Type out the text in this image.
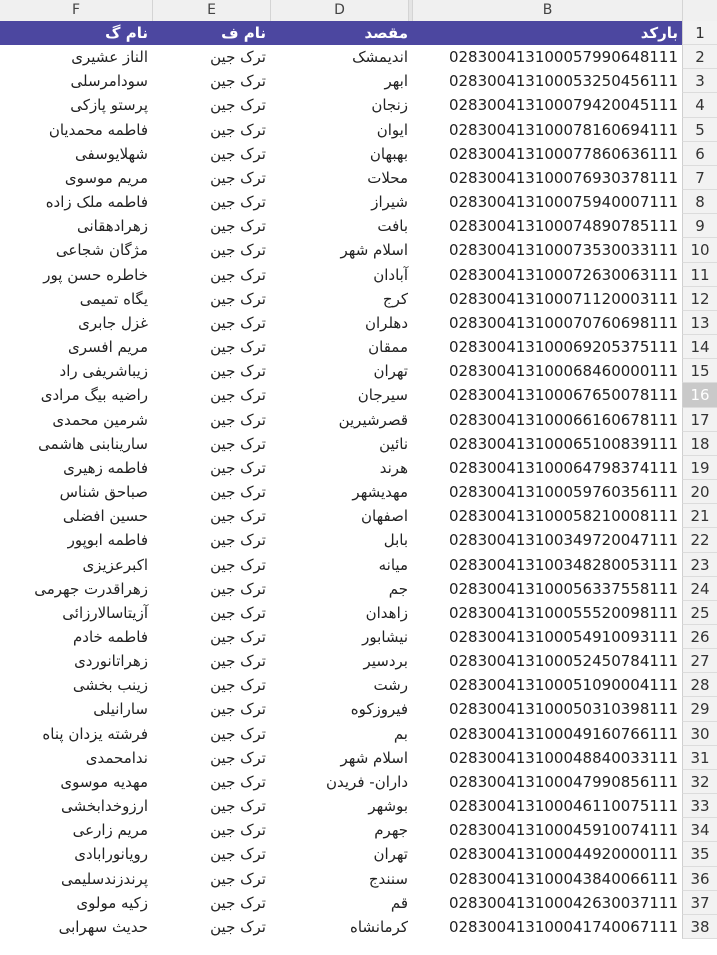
F	E	D	B
نام گ	نام ف	مقصد	بارکد	1
الناز عشیری	ترک جین	اندیمشک	028300413100057990648111	2
سودامرسلی	ترک جین	ابهر	028300413100053250456111	3
پرستو پازکی	ترک جین	زنجان	028300413100079420045111	4
فاطمه محمدیان	ترک جین	ایوان	028300413100078160694111	5
شهلایوسفی	ترک جین	بهبهان	028300413100077860636111	6
مریم موسوی	ترک جین	محلات	028300413100076930378111	7
فاطمه ملک زاده	ترک جین	شیراز	028300413100075940007111	8
زهرادهقانی	ترک جین	بافت	028300413100074890785111	9
مژگان شجاعی	ترک جین	اسلام شهر	028300413100073530033111 10
خاطره حسن پور	ترک جین	آبادان	028300413100072630063111 11
یگاه تمیمی	ترک جین	کرج	028300413100071120003111 12
غزل جابری	ترک جین	دهلران	028300413100070760698111 13
مریم افسری	ترک جین	ممقان	028300413100069205375111 14
زیباشریفی راد	ترک جین	تهران	028300413100068460000111 15
راضیه بیگ مرادی	ترک جین	سیرجان	028300413100067650078111 16
شرمین محمدی	ترک جین	قصرشیرین	028300413100066160678111 17
سارینابنی هاشمی	ترک جین	نائین	028300413100065100839111 18
فاطمه زهیری	ترک جین	هرند	028300413100064798374111 19
صباحق شناس	ترک جین	مهدیشهر	028300413100059760356111 20
حسین افضلی	ترک جین	اصفهان	028300413100058210008111 21
فاطمه ابوپور	ترک جین	بابل	028300413100349720047111 22
اکبرعزیزی	ترک جین	میانه	028300413100348280053111 23
زهراقدرت جهرمی	ترک جین	جم	028300413100056337558111 24
آزیتاسالارزائی	ترک جین	زاهدان	028300413100055520098111 25
فاطمه خادم	ترک جین	نیشابور	028300413100054910093111 26
زهراتانوردی	ترک جین	بردسیر	028300413100052450784111 27
زینب بخشی	ترک جین	رشت	028300413100051090004111 28
سارانیلی	ترک جین	فیروزکوه	028300413100050310398111 29
فرشته یزدان پناه	ترک جین	بم	028300413100049160766111 30
ندامحمدی	ترک جین	اسلام شهر	028300413100048840033111 31
مهدیه موسوی	ترک جین	داران- فریدن	028300413100047990856111 32
ارزوخدابخشی	ترک جین	بوشهر	028300413100046110075111 33
مریم زارعی	ترک جین	جهرم	028300413100045910074111 34
رویانورابادی	ترک جین	تهران	028300413100044920000111 35
پرندزندسلیمی	ترک جین	سنندج	028300413100043840066111 36
زکیه مولوی	ترک جین	قم	028300413100042630037111 37
حدیث سهرابی	ترک جین	کرمانشاه	028300413100041740067111 38
